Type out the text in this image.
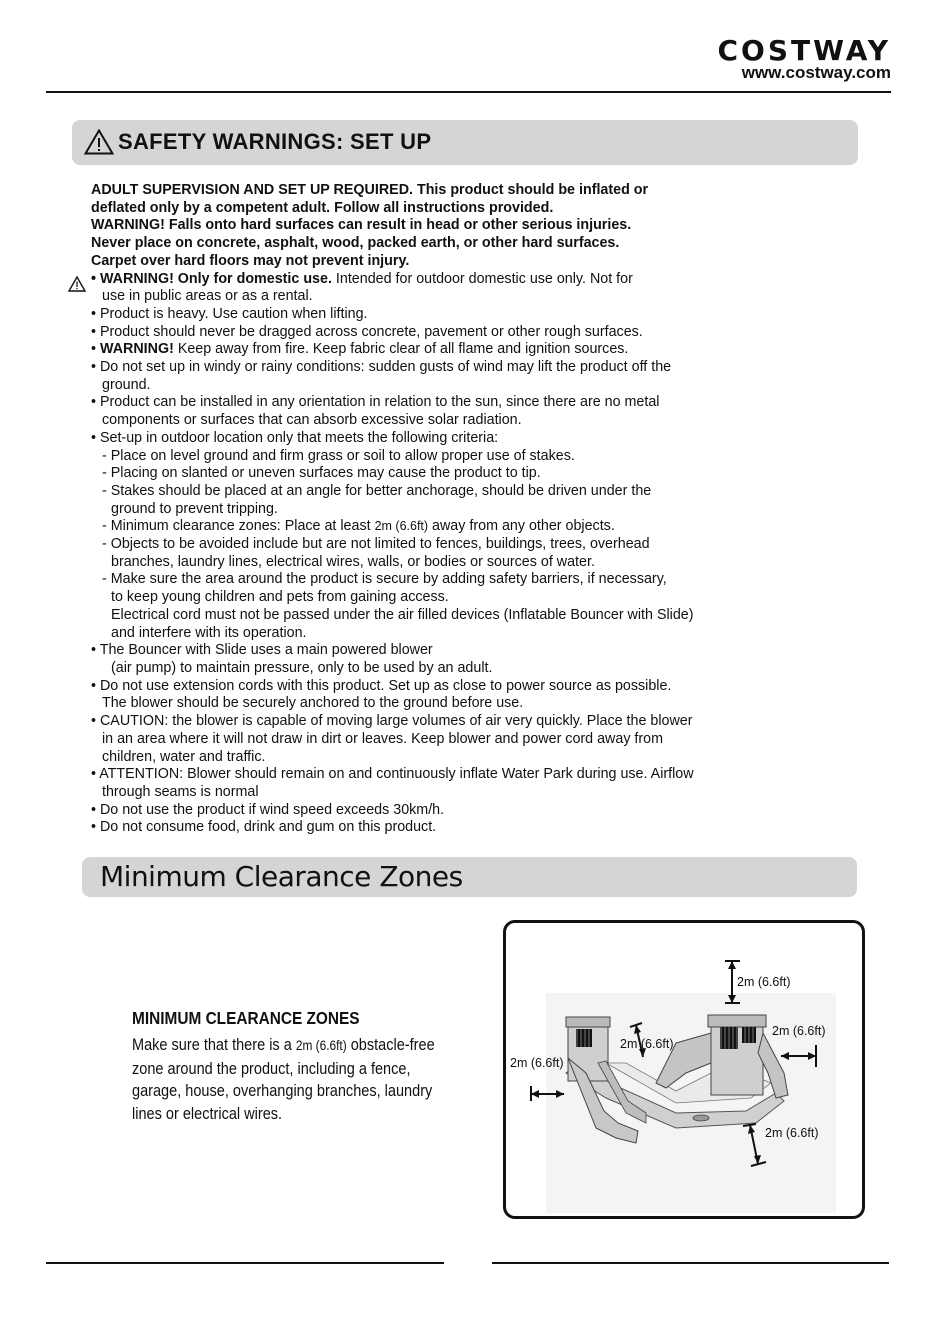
COSTWAY
www.costway.com
SAFETY WARNINGS: SET UP
ADULT SUPERVISION AND SET UP REQUIRED. This product should be inflated or
deflated only by a competent adult. Follow all instructions provided.
WARNING! Falls onto hard surfaces can result in head or other serious injuries.
Never place on concrete, asphalt, wood, packed earth, or other hard surfaces.
Carpet over hard floors may not prevent injury.
• WARNING! Only for domestic use. Intended for outdoor domestic use only. Not for
use in public areas or as a rental.
• Product is heavy. Use caution when lifting.
• Product should never be dragged across concrete, pavement or other rough surfaces.
• WARNING! Keep away from fire. Keep fabric clear of all flame and ignition sources.
• Do not set up in windy or rainy conditions: sudden gusts of wind may lift the product off the
ground.
• Product can be installed in any orientation in relation to the sun, since there are no metal
components or surfaces that can absorb excessive solar radiation.
• Set-up in outdoor location only that meets the following criteria:
- Place on level ground and firm grass or soil to allow proper use of stakes.
- Placing on slanted or uneven surfaces may cause the product to tip.
- Stakes should be placed at an angle for better anchorage, should be driven under the
ground to prevent tripping.
- Minimum clearance zones: Place at least 2m (6.6ft) away from any other objects.
- Objects to be avoided include but are not limited to fences, buildings, trees, overhead
branches, laundry lines, electrical wires, walls, or bodies or sources of water.
- Make sure the area around the product is secure by adding safety barriers, if necessary,
to keep young children and pets from gaining access.
Electrical cord must not be passed under the air filled devices (Inflatable Bouncer with Slide)
and interfere with its operation.
• The Bouncer with Slide uses a main powered blower
(air pump) to maintain pressure, only to be used by an adult.
• Do not use extension cords with this product. Set up as close to power source as possible.
The blower should be securely anchored to the ground before use.
• CAUTION: the blower is capable of moving large volumes of air very quickly. Place the blower
in an area where it will not draw in dirt or leaves. Keep blower and power cord away from
children, water and traffic.
• ATTENTION: Blower should remain on and continuously inflate Water Park during use. Airflow
through seams is normal
• Do not use the product if wind speed exceeds 30km/h.
• Do not consume food, drink and gum on this product.
Minimum Clearance Zones
MINIMUM CLEARANCE ZONES
Make sure that there is a 2m (6.6ft) obstacle-free
zone around the product, including a fence,
garage, house, overhanging branches, laundry
lines or electrical wires.
2m (6.6ft)
2m (6.6ft)
2m (6.6ft)
2m (6.6ft)
2m (6.6ft)
